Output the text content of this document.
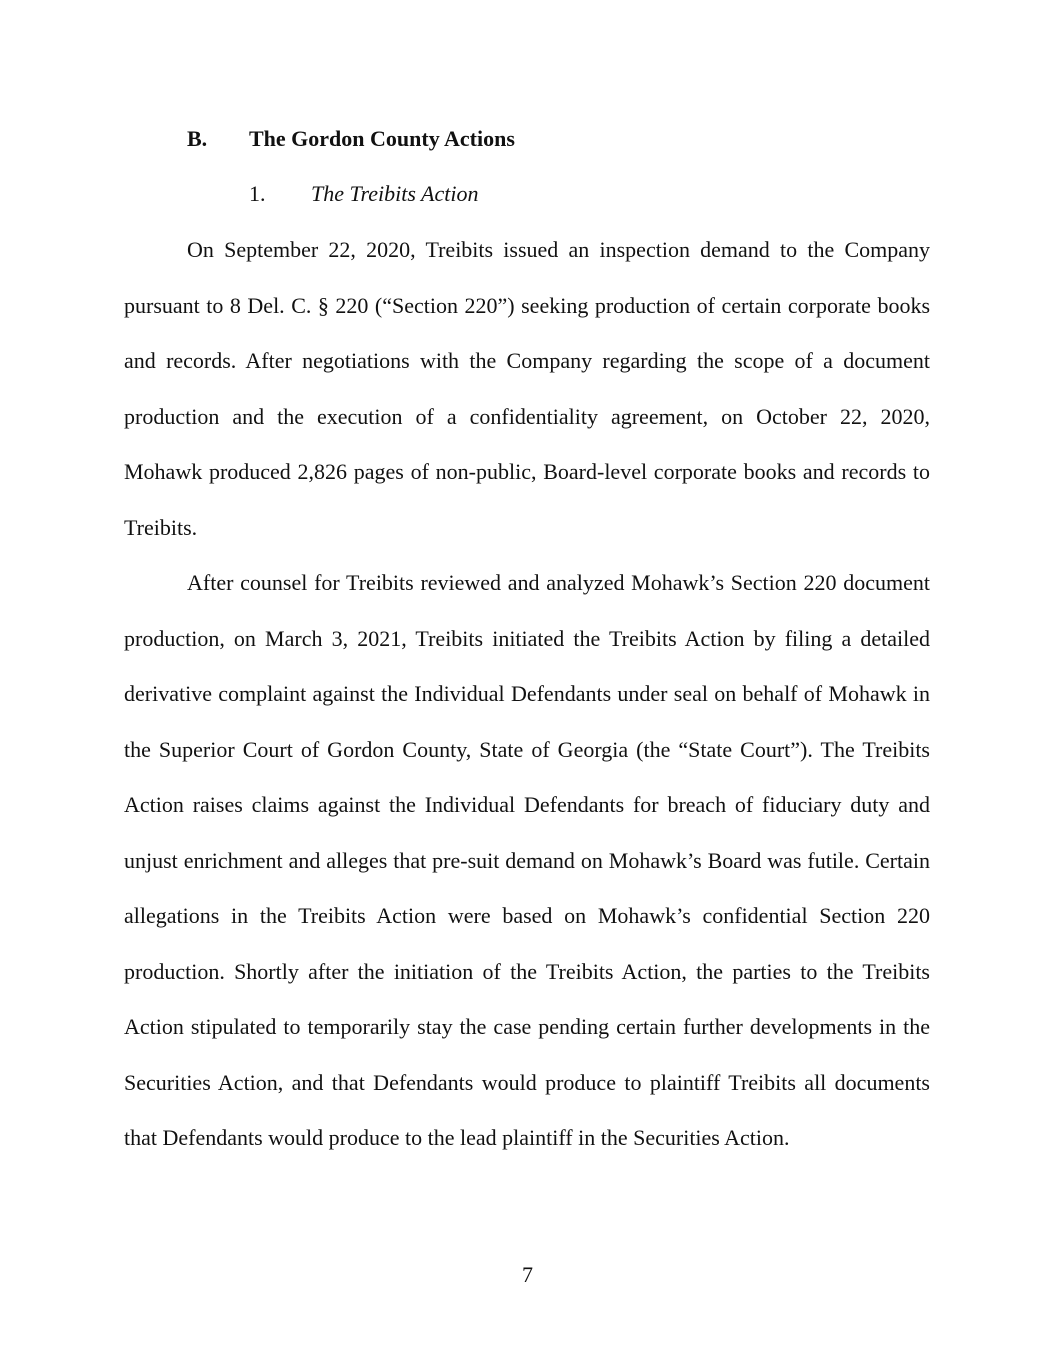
B. The Gordon County Actions
1. The Treibits Action

On September 22, 2020, Treibits issued an inspection demand to the Company pursuant to 8 Del. C. § 220 (“Section 220”) seeking production of certain corporate books and records. After negotiations with the Company regarding the scope of a document production and the execution of a confidentiality agreement, on October 22, 2020, Mohawk produced 2,826 pages of non-public, Board-level corporate books and records to Treibits.

After counsel for Treibits reviewed and analyzed Mohawk’s Section 220 document production, on March 3, 2021, Treibits initiated the Treibits Action by filing a detailed derivative complaint against the Individual Defendants under seal on behalf of Mohawk in the Superior Court of Gordon County, State of Georgia (the “State Court”). The Treibits Action raises claims against the Individual Defendants for breach of fiduciary duty and unjust enrichment and alleges that pre-suit demand on Mohawk’s Board was futile. Certain allegations in the Treibits Action were based on Mohawk’s confidential Section 220 production. Shortly after the initiation of the Treibits Action, the parties to the Treibits Action stipulated to temporarily stay the case pending certain further developments in the Securities Action, and that Defendants would produce to plaintiff Treibits all documents that Defendants would produce to the lead plaintiff in the Securities Action.

7
